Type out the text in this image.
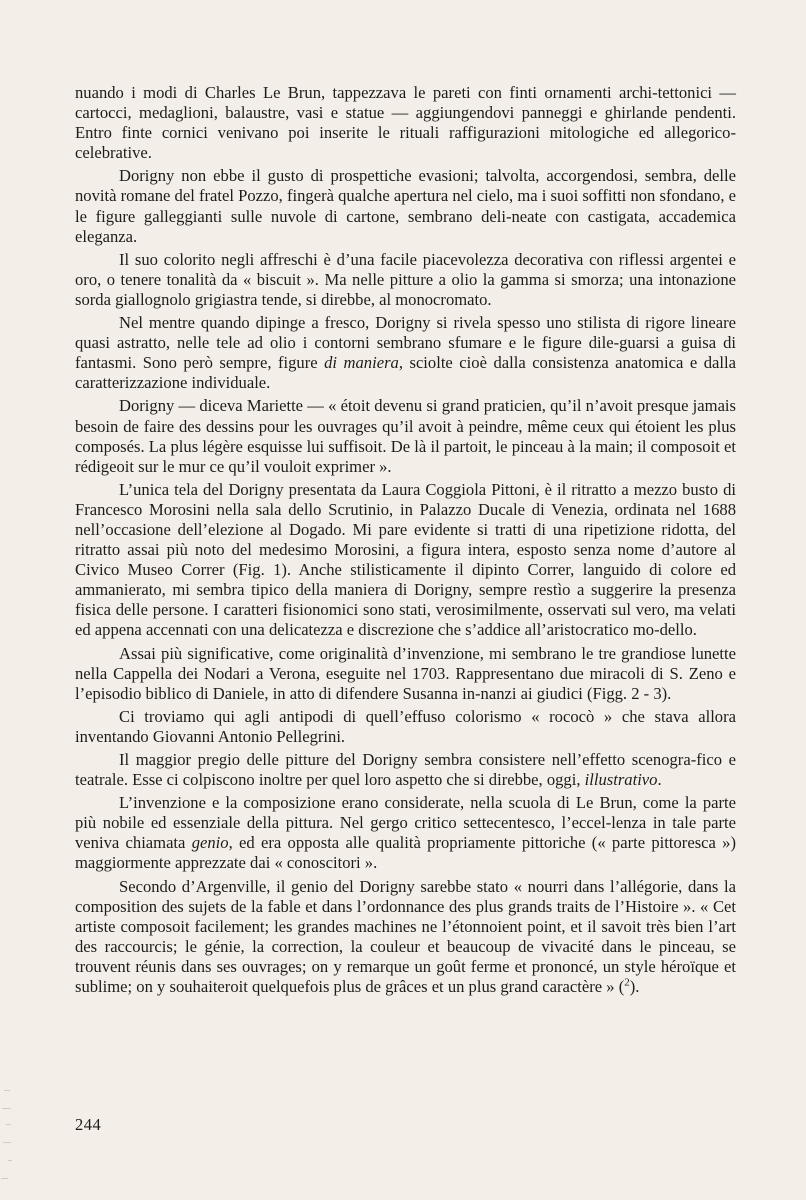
nuando i modi di Charles Le Brun, tappezzava le pareti con finti ornamenti archi-tettonici — cartocci, medaglioni, balaustre, vasi e statue — aggiungendovi panneggi e ghirlande pendenti. Entro finte cornici venivano poi inserite le rituali raffigurazioni mitologiche ed allegorico-celebrative.

Dorigny non ebbe il gusto di prospettiche evasioni; talvolta, accorgendosi, sembra, delle novità romane del fratel Pozzo, fingerà qualche apertura nel cielo, ma i suoi soffitti non sfondano, e le figure galleggianti sulle nuvole di cartone, sembrano deli-neate con castigata, accademica eleganza.

Il suo colorito negli affreschi è d’una facile piacevolezza decorativa con riflessi argentei e oro, o tenere tonalità da « biscuit ». Ma nelle pitture a olio la gamma si smorza; una intonazione sorda giallognolo grigiastra tende, si direbbe, al monocromato.

Nel mentre quando dipinge a fresco, Dorigny si rivela spesso uno stilista di rigore lineare quasi astratto, nelle tele ad olio i contorni sembrano sfumare e le figure dile-guarsi a guisa di fantasmi. Sono però sempre, figure di maniera, sciolte cioè dalla consistenza anatomica e dalla caratterizzazione individuale.

Dorigny — diceva Mariette — « étoit devenu si grand praticien, qu’il n’avoit presque jamais besoin de faire des dessins pour les ouvrages qu’il avoit à peindre, même ceux qui étoient les plus composés. La plus légère esquisse lui suffisoit. De là il partoit, le pinceau à la main; il composoit et rédigeoit sur le mur ce qu’il vouloit exprimer ».

L’unica tela del Dorigny presentata da Laura Coggiola Pittoni, è il ritratto a mezzo busto di Francesco Morosini nella sala dello Scrutinio, in Palazzo Ducale di Venezia, ordinata nel 1688 nell’occasione dell’elezione al Dogado. Mi pare evidente si tratti di una ripetizione ridotta, del ritratto assai più noto del medesimo Morosini, a figura intera, esposto senza nome d’autore al Civico Museo Correr (Fig. 1). Anche stilisticamente il dipinto Correr, languido di colore ed ammanierato, mi sembra tipico della maniera di Dorigny, sempre restìo a suggerire la presenza fisica delle persone. I caratteri fisionomici sono stati, verosimilmente, osservati sul vero, ma velati ed appena accennati con una delicatezza e discrezione che s’addice all’aristocratico mo-dello.

Assai più significative, come originalità d’invenzione, mi sembrano le tre grandiose lunette nella Cappella dei Nodari a Verona, eseguite nel 1703. Rappresentano due miracoli di S. Zeno e l’episodio biblico di Daniele, in atto di difendere Susanna in-nanzi ai giudici (Figg. 2 - 3).

Ci troviamo qui agli antipodi di quell’effuso colorismo « rococò » che stava allora inventando Giovanni Antonio Pellegrini.

Il maggior pregio delle pitture del Dorigny sembra consistere nell’effetto scenogra-fico e teatrale. Esse ci colpiscono inoltre per quel loro aspetto che si direbbe, oggi, illustrativo.

L’invenzione e la composizione erano considerate, nella scuola di Le Brun, come la parte più nobile ed essenziale della pittura. Nel gergo critico settecentesco, l’eccel-lenza in tale parte veniva chiamata genio, ed era opposta alle qualità propriamente pittoriche (« parte pittoresca ») maggiormente apprezzate dai « conoscitori ».

Secondo d’Argenville, il genio del Dorigny sarebbe stato « nourri dans l’allégorie, dans la composition des sujets de la fable et dans l’ordonnance des plus grands traits de l’Histoire ». « Cet artiste composoit facilement; les grandes machines ne l’étonnoient point, et il savoit très bien l’art des raccourcis; le génie, la correction, la couleur et beaucoup de vivacité dans le pinceau, se trouvent réunis dans ses ouvrages; on y remarque un goût ferme et prononcé, un style héroïque et sublime; on y souhaiteroit quelquefois plus de grâces et un plus grand caractère » ($^2$).

244
